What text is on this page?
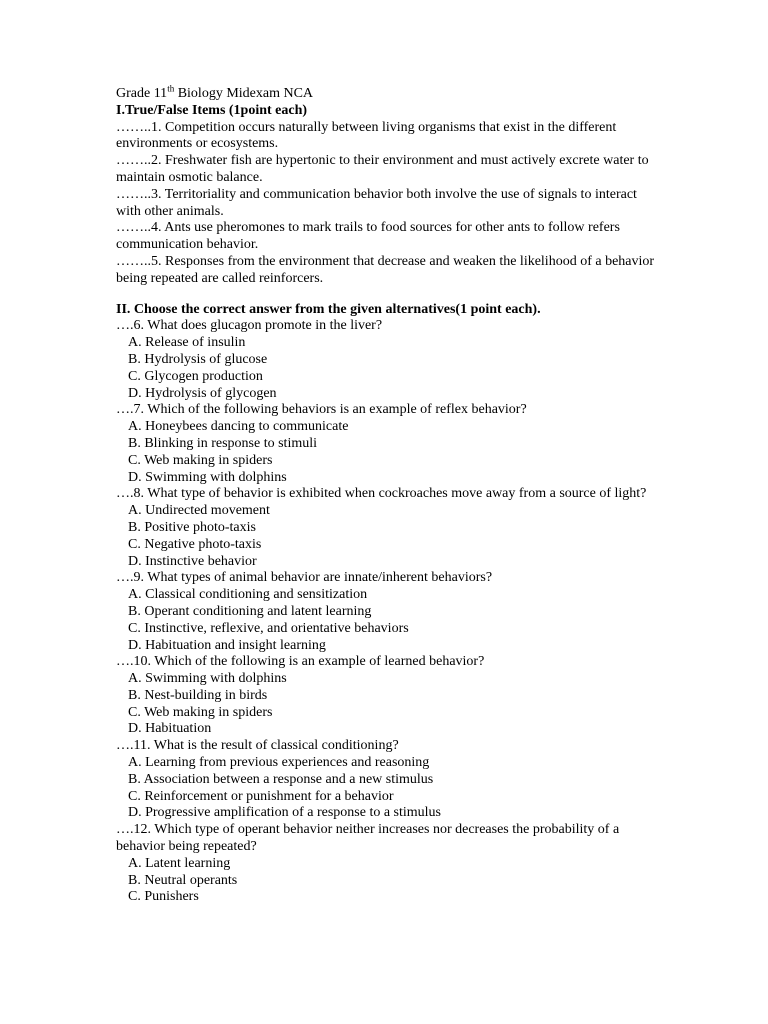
Grade 11th Biology Midexam NCA
I.True/False Items (1point each)
……..1. Competition occurs naturally between living organisms that exist in the different environments or ecosystems.
……..2. Freshwater fish are hypertonic to their environment and must actively excrete water to maintain osmotic balance.
……..3. Territoriality and communication behavior both involve the use of signals to interact with other animals.
……..4. Ants use pheromones to mark trails to food sources for other ants to follow refers communication behavior.
……..5. Responses from the environment that decrease and weaken the likelihood of a behavior being repeated are called reinforcers.
II. Choose the correct answer from the given alternatives(1 point each).
….6. What does glucagon promote in the liver?
A. Release of insulin
B. Hydrolysis of glucose
C. Glycogen production
D. Hydrolysis of glycogen
….7. Which of the following behaviors is an example of reflex behavior?
A. Honeybees dancing to communicate
B. Blinking in response to stimuli
C. Web making in spiders
D. Swimming with dolphins
….8. What type of behavior is exhibited when cockroaches move away from a source of light?
A. Undirected movement
B. Positive photo-taxis
C. Negative photo-taxis
D. Instinctive behavior
….9. What types of animal behavior are innate/inherent behaviors?
A. Classical conditioning and sensitization
B. Operant conditioning and latent learning
C. Instinctive, reflexive, and orientative behaviors
D. Habituation and insight learning
….10. Which of the following is an example of learned behavior?
A. Swimming with dolphins
B. Nest-building in birds
C. Web making in spiders
D. Habituation
….11. What is the result of classical conditioning?
A. Learning from previous experiences and reasoning
B. Association between a response and a new stimulus
C. Reinforcement or punishment for a behavior
D. Progressive amplification of a response to a stimulus
….12. Which type of operant behavior neither increases nor decreases the probability of a behavior being repeated?
A. Latent learning
B. Neutral operants
C. Punishers
